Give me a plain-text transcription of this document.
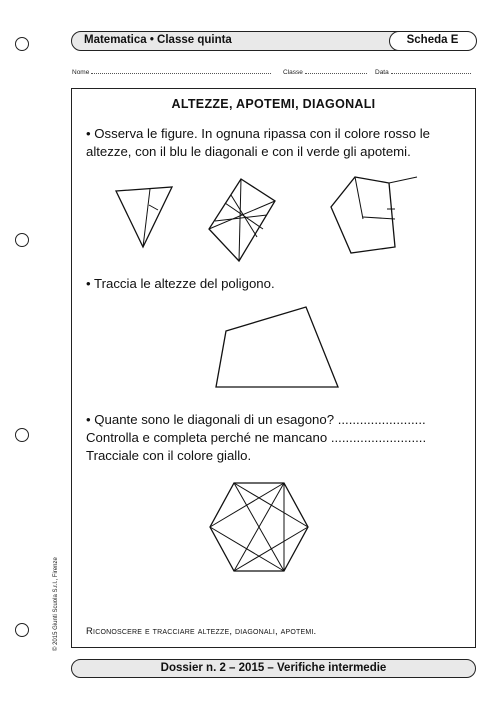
Matematica • Classe quinta	Scheda E
Nome	Classe	Data
© 2015 Giunti Scuola S.r.l., Firenze
ALTEZZE, APOTEMI, DIAGONALI
• Osserva le figure. In ognuna ripassa con il colore rosso le
altezze, con il blu le diagonali e con il verde gli apotemi.
• Traccia le altezze del poligono.
• Quante sono le diagonali di un esagono? ........................
Controlla e completa perché ne mancano ..........................
Tracciale con il colore giallo.
Riconoscere e tracciare altezze, diagonali, apotemi.
Dossier n. 2 – 2015 – Verifiche intermedie
